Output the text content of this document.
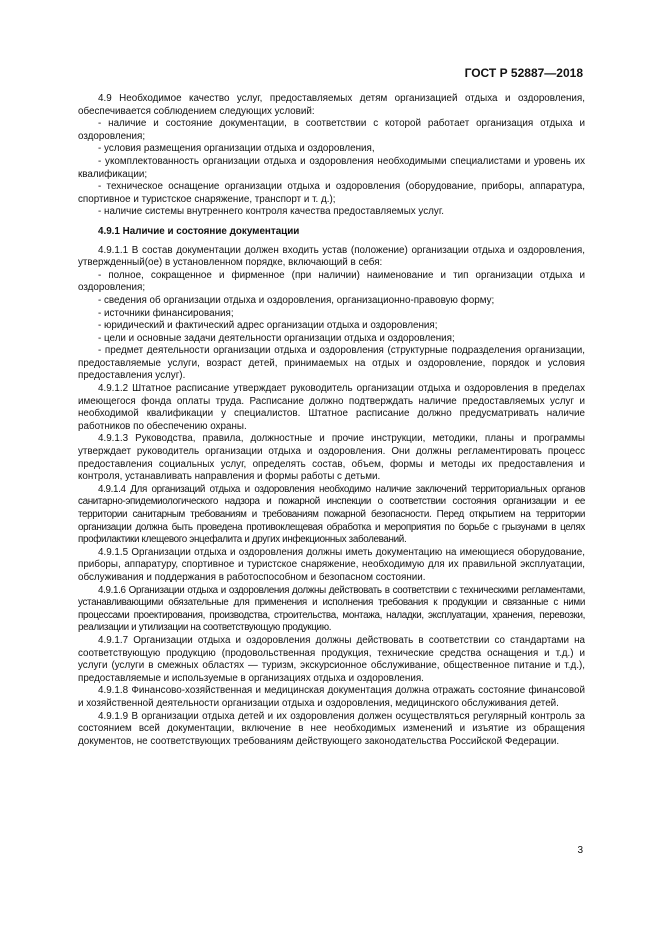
ГОСТ Р 52887—2018

4.9 Необходимое качество услуг, предоставляемых детям организацией отдыха и оздоровления, обеспечивается соблюдением следующих условий:

- наличие и состояние документации, в соответствии с которой работает организация отдыха и оздоровления;

- условия размещения организации отдыха и оздоровления,

- укомплектованность организации отдыха и оздоровления необходимыми специалистами и уровень их квалификации;

- техническое оснащение организации отдыха и оздоровления (оборудование, приборы, аппаратура, спортивное и туристское снаряжение, транспорт и т. д.);

- наличие системы внутреннего контроля качества предоставляемых услуг.

4.9.1 Наличие и состояние документации

4.9.1.1 В состав документации должен входить устав (положение) организации отдыха и оздоровления, утвержденный(ое) в установленном порядке, включающий в себя:

- полное, сокращенное и фирменное (при наличии) наименование и тип организации отдыха и оздоровления;

- сведения об организации отдыха и оздоровления, организационно-правовую форму;

- источники финансирования;

- юридический и фактический адрес организации отдыха и оздоровления;

- цели и основные задачи деятельности организации отдыха и оздоровления;

- предмет деятельности организации отдыха и оздоровления (структурные подразделения организации, предоставляемые услуги, возраст детей, принимаемых на отдых и оздоровление, порядок и условия предоставления услуг).

4.9.1.2 Штатное расписание утверждает руководитель организации отдыха и оздоровления в пределах имеющегося фонда оплаты труда. Расписание должно подтверждать наличие предоставляемых услуг и необходимой квалификации у специалистов. Штатное расписание должно предусматривать наличие работников по обеспечению охраны.

4.9.1.3 Руководства, правила, должностные и прочие инструкции, методики, планы и программы утверждает руководитель организации отдыха и оздоровления. Они должны регламентировать процесс предоставления социальных услуг, определять состав, объем, формы и методы их предоставления и контроля, устанавливать направления и формы работы с детьми.

4.9.1.4 Для организаций отдыха и оздоровления необходимо наличие заключений территориальных органов санитарно-эпидемиологического надзора и пожарной инспекции о соответствии состояния организации и ее территории санитарным требованиям и требованиям пожарной безопасности. Перед открытием на территории организации должна быть проведена противоклещевая обработка и мероприятия по борьбе с грызунами в целях профилактики клещевого энцефалита и других инфекционных заболеваний.

4.9.1.5 Организации отдыха и оздоровления должны иметь документацию на имеющиеся оборудование, приборы, аппаратуру, спортивное и туристское снаряжение, необходимую для их правильной эксплуатации, обслуживания и поддержания в работоспособном и безопасном состоянии.

4.9.1.6 Организации отдыха и оздоровления должны действовать в соответствии с техническими регламентами, устанавливающими обязательные для применения и исполнения требования к продукции и связанные с ними процессами проектирования, производства, строительства, монтажа, наладки, эксплуатации, хранения, перевозки, реализации и утилизации на соответствующую продукцию.

4.9.1.7 Организации отдыха и оздоровления должны действовать в соответствии со стандартами на соответствующую продукцию (продовольственная продукция, технические средства оснащения и т.д.) и услуги (услуги в смежных областях — туризм, экскурсионное обслуживание, общественное питание и т.д.), предоставляемые и используемые в организациях отдыха и оздоровления.

4.9.1.8 Финансово-хозяйственная и медицинская документация должна отражать состояние финансовой и хозяйственной деятельности организации отдыха и оздоровления, медицинского обслуживания детей.

4.9.1.9 В организации отдыха детей и их оздоровления должен осуществляться регулярный контроль за состоянием всей документации, включение в нее необходимых изменений и изъятие из обращения документов, не соответствующих требованиям действующего законодательства Российской Федерации.

3
